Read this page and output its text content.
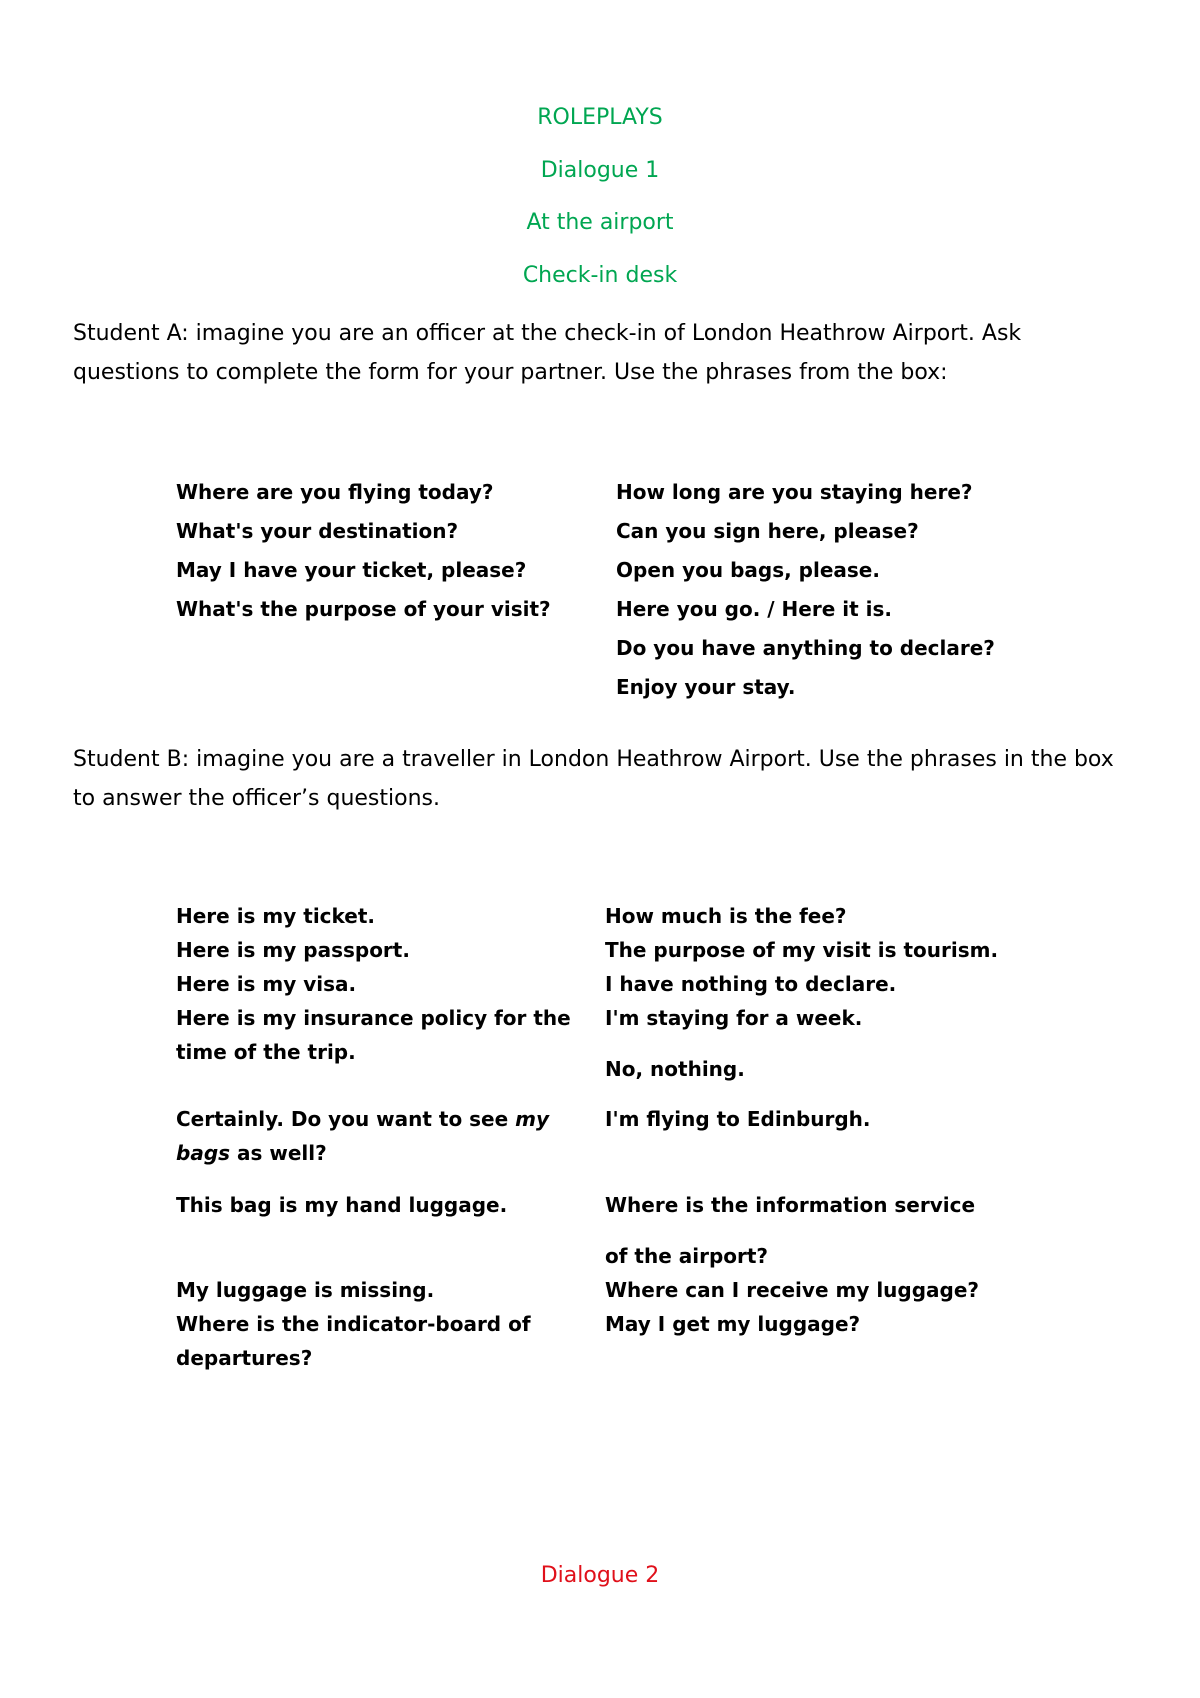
ROLEPLAYS

Dialogue 1

At the airport

Check-in desk

Student A: imagine you are an officer at the check-in of London Heathrow Airport. Ask questions to complete the form for your partner. Use the phrases from the box:

Where are you flying today?
What's your destination?
May I have your ticket, please?
What's the purpose of your visit?
How long are you staying here?
Can you sign here, please?
Open you bags, please.
Here you go. / Here it is.
Do you have anything to declare?
Enjoy your stay.

Student B: imagine you are a traveller in London Heathrow Airport. Use the phrases in the box to answer the officer’s questions.

Here is my ticket.
Here is my passport.
Here is my visa.
Here is my insurance policy for the time of the trip.
Certainly. Do you want to see my bags as well?
This bag is my hand luggage.
My luggage is missing.
Where is the indicator-board of departures?
How much is the fee?
The purpose of my visit is tourism.
I have nothing to declare.
I'm staying for a week.
No, nothing.
I'm flying to Edinburgh.
Where is the information service
of the airport?
Where can I receive my luggage?
May I get my luggage?

Dialogue 2
